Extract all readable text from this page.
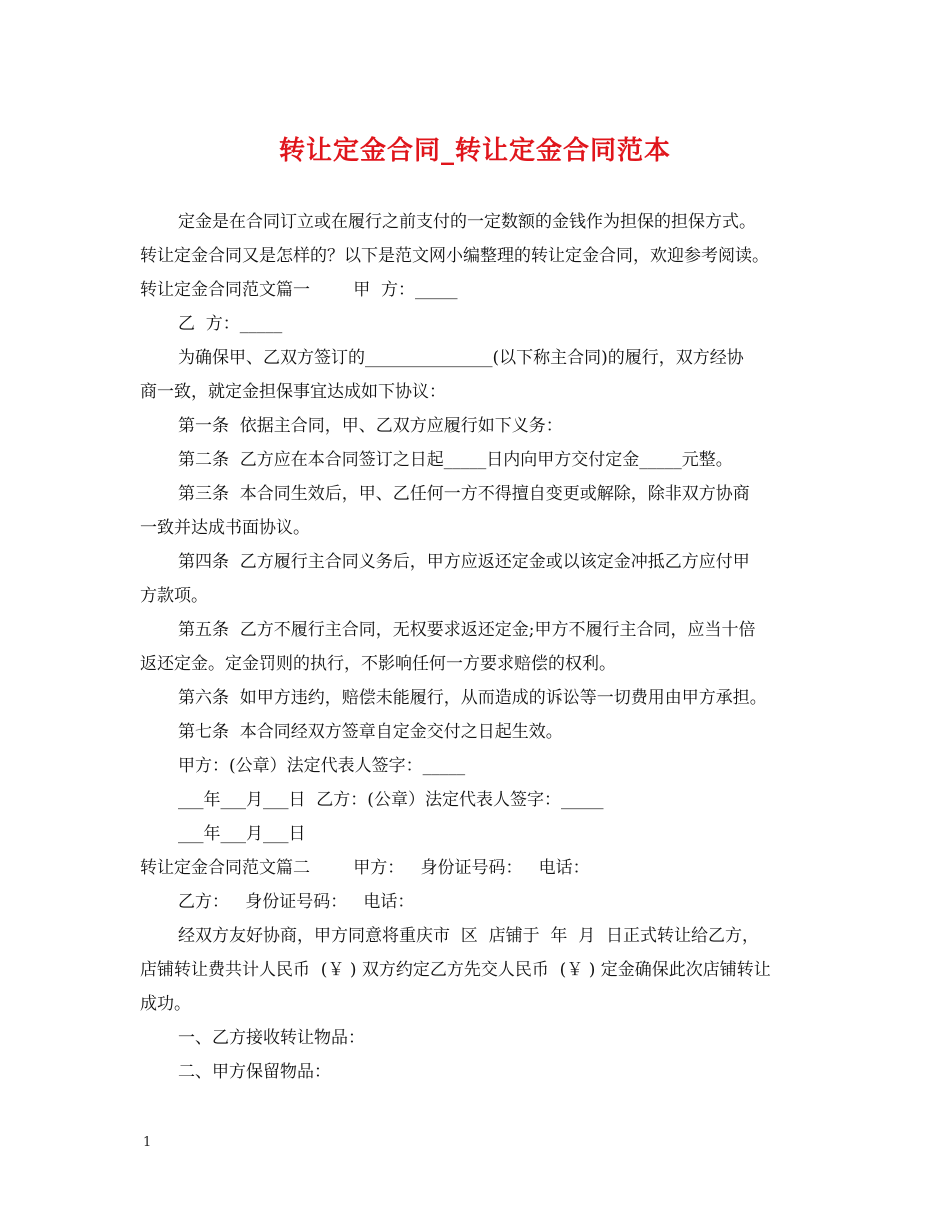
转让定金合同_转让定金合同范本
定金是在合同订立或在履行之前支付的一定数额的金钱作为担保的担保方式。
转让定金合同又是怎样的？以下是范文网小编整理的转让定金合同，欢迎参考阅读。
转让定金合同范文篇一        甲  方：_____
乙  方：_____
为确保甲、乙双方签订的_______________(以下称主合同)的履行，双方经协
商一致，就定金担保事宜达成如下协议：
第一条  依据主合同，甲、乙双方应履行如下义务：
第二条  乙方应在本合同签订之日起_____日内向甲方交付定金_____元整。
第三条  本合同生效后，甲、乙任何一方不得擅自变更或解除，除非双方协商
一致并达成书面协议。
第四条  乙方履行主合同义务后，甲方应返还定金或以该定金冲抵乙方应付甲
方款项。
第五条  乙方不履行主合同，无权要求返还定金;甲方不履行主合同，应当十倍
返还定金。定金罚则的执行，不影响任何一方要求赔偿的权利。
第六条  如甲方违约，赔偿未能履行，从而造成的诉讼等一切费用由甲方承担。
第七条  本合同经双方签章自定金交付之日起生效。
甲方：(公章）法定代表人签字：_____
___年___月___日  乙方：(公章）法定代表人签字：_____
___年___月___日
转让定金合同范文篇二        甲方：   身份证号码：   电话：
乙方：   身份证号码：   电话：
经双方友好协商，甲方同意将重庆市  区  店铺于  年  月  日正式转让给乙方，
店铺转让费共计人民币  (￥ ) 双方约定乙方先交人民币  (￥ ) 定金确保此次店铺转让
成功。
一、乙方接收转让物品：
二、甲方保留物品：
1
